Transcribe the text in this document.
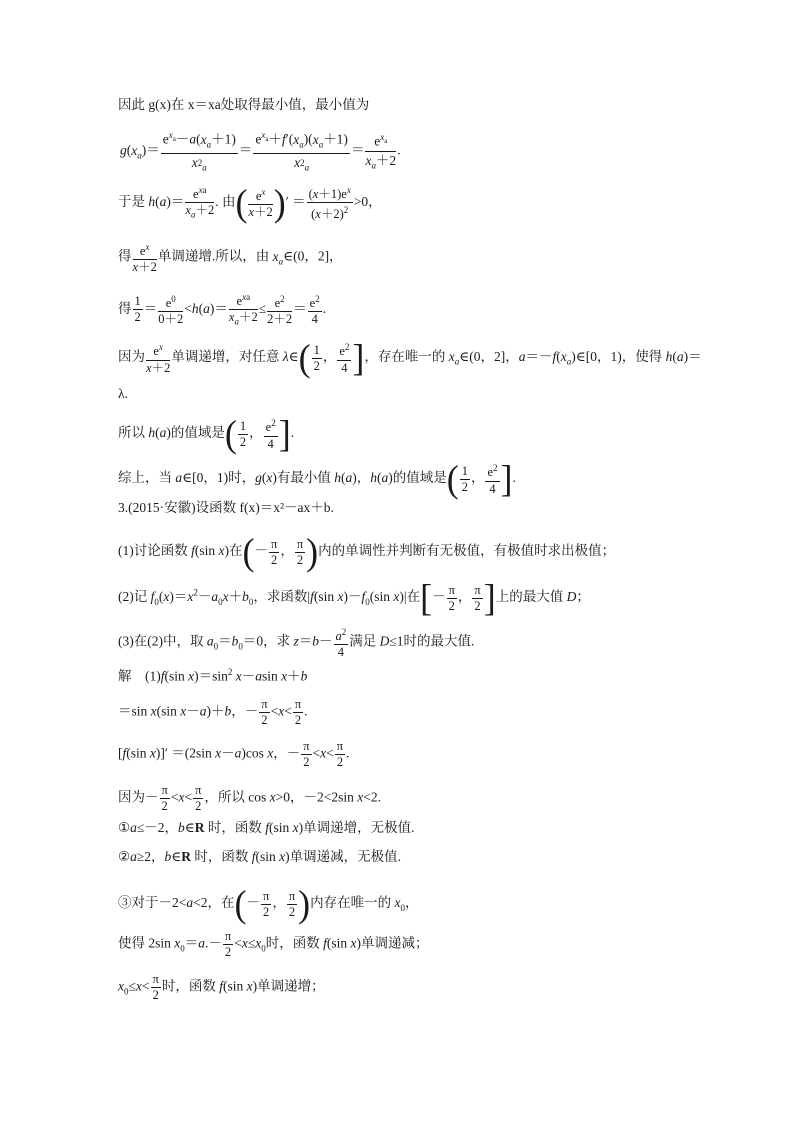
因此 g(x)在 x＝xa处取得最小值，最小值为
$g(x_a)= \frac{e^{x_a}-a(x_a+1)}{x^2_a} = \frac{e^{x_a}+f'(x_a)(x_a+1)}{x^2_a} = \frac{e^{x_a}}{x_a+2}$ .
于是 $h(a)= \frac{e^{xa}}{x_a+2}$ . 由( $\frac{e^x}{x+2}$ )′ ＝ $\frac{(x+1)e^x}{(x+2)^2} >0$，
得 $\frac{e^x}{x+2}$ 单调递增.所以，由 $x_a\in(0$，2]，
得 $\frac{1}{2} = \frac{e^0}{0+2} <h(a)= \frac{e^{xa}}{x_a+2} \le \frac{e^2}{2+2} = \frac{e^2}{4}$ .
因为 $\frac{e^x}{x+2}$ 单调递增，对任意 λ∈( $\frac{1}{2}$ ， $\frac{e^2}{4}$ ]，存在唯一的 $x_a\in(0$，2]，$a=-f(x_a)\in[0$，1)，使得 h(a)＝
λ.
所以 h(a)的值域是( $\frac{1}{2}$ ， $\frac{e^2}{4}$ ].
综上，当 a∈[0，1)时，g(x)有最小值 h(a)，h(a)的值域是( $\frac{1}{2}$ ， $\frac{e^2}{4}$ ].
3.(2015·安徽)设函数 f(x)＝x²－ax＋b.
(1)讨论函数 f(sin x)在(－ $\frac{\pi}{2}$ ， $\frac{\pi}{2}$ )内的单调性并判断有无极值，有极值时求出极值；
(2)记 $f_0(x)=x^2-a_0x+b_0$，求函数|f(sin $x)-f_0(\sin$ x)|在[－ $\frac{\pi}{2}$ ， $\frac{\pi}{2}$ ]上的最大值 D；
(3)在(2)中，取 $a_0=b_0=0$，求 $z=b- \frac{a^2}{4}$ 满足 D≤1时的最大值.
解　(1)f(sin $x)=\sin^2$ x－asin x＋b
＝sin x(sin x－a)＋b，－ $\frac{\pi}{2} <x< \frac{\pi}{2}$ .
[f(sin x)]′ ＝(2sin x－a)cos x，－ $\frac{\pi}{2} <x< \frac{\pi}{2}$ .
因为－ $\frac{\pi}{2} <x< \frac{\pi}{2}$ ，所以 cos x>0，－2<2sin x<2.
①a≤－2，b∈R 时，函数 f(sin x)单调递增，无极值.
②a≥2，b∈R 时，函数 f(sin x)单调递减，无极值.
③对于－2<a<2，在(－ $\frac{\pi}{2}$ ， $\frac{\pi}{2}$ )内存在唯一的 $x_0$，
使得 2sin $x_0=a.- \frac{\pi}{2} <x\le x_0$时，函数 f(sin x)单调递减；
$x_0\le x< \frac{\pi}{2}$ 时，函数 f(sin x)单调递增；
